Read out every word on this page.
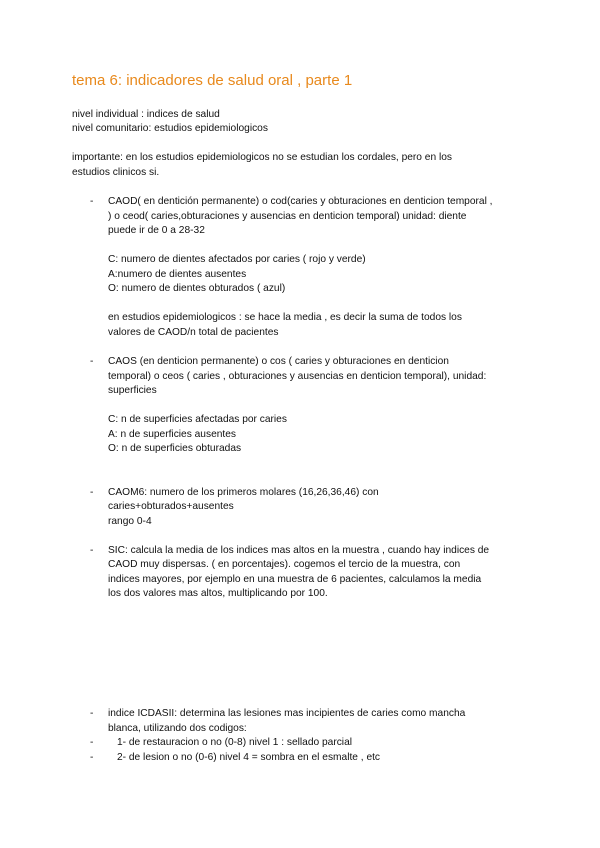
tema 6: indicadores de salud oral , parte 1
nivel individual : indices de salud
nivel comunitario: estudios epidemiologicos
importante: en los estudios epidemiologicos no se estudian los cordales, pero en los
estudios clinicos si.
- CAOD( en dentición permanente) o cod(caries y obturaciones en denticion temporal ,
) o ceod( caries,obturaciones y ausencias en denticion temporal) unidad: diente
puede ir de 0 a 28-32
C: numero de dientes afectados por caries ( rojo y verde)
A:numero de dientes ausentes
O: numero de dientes obturados ( azul)
en estudios epidemiologicos : se hace la media , es decir la suma de todos los
valores de CAOD/n total de pacientes
- CAOS (en denticion permanente) o cos ( caries y obturaciones en denticion
temporal) o ceos ( caries , obturaciones y ausencias en denticion temporal), unidad:
superficies
C: n de superficies afectadas por caries
A: n de superficies ausentes
O: n de superficies obturadas
- CAOM6: numero de los primeros molares (16,26,36,46) con
caries+obturados+ausentes
rango 0-4
- SIC: calcula la media de los indices mas altos en la muestra , cuando hay indices de
CAOD muy dispersas. ( en porcentajes). cogemos el tercio de la muestra, con
indices mayores, por ejemplo en una muestra de 6 pacientes, calculamos la media
los dos valores mas altos, multiplicando por 100.
- indice ICDASII: determina las lesiones mas incipientes de caries como mancha
blanca, utilizando dos codigos:
- 1- de restauracion o no (0-8) nivel 1 : sellado parcial
- 2- de lesion o no (0-6) nivel 4 = sombra en el esmalte , etc
